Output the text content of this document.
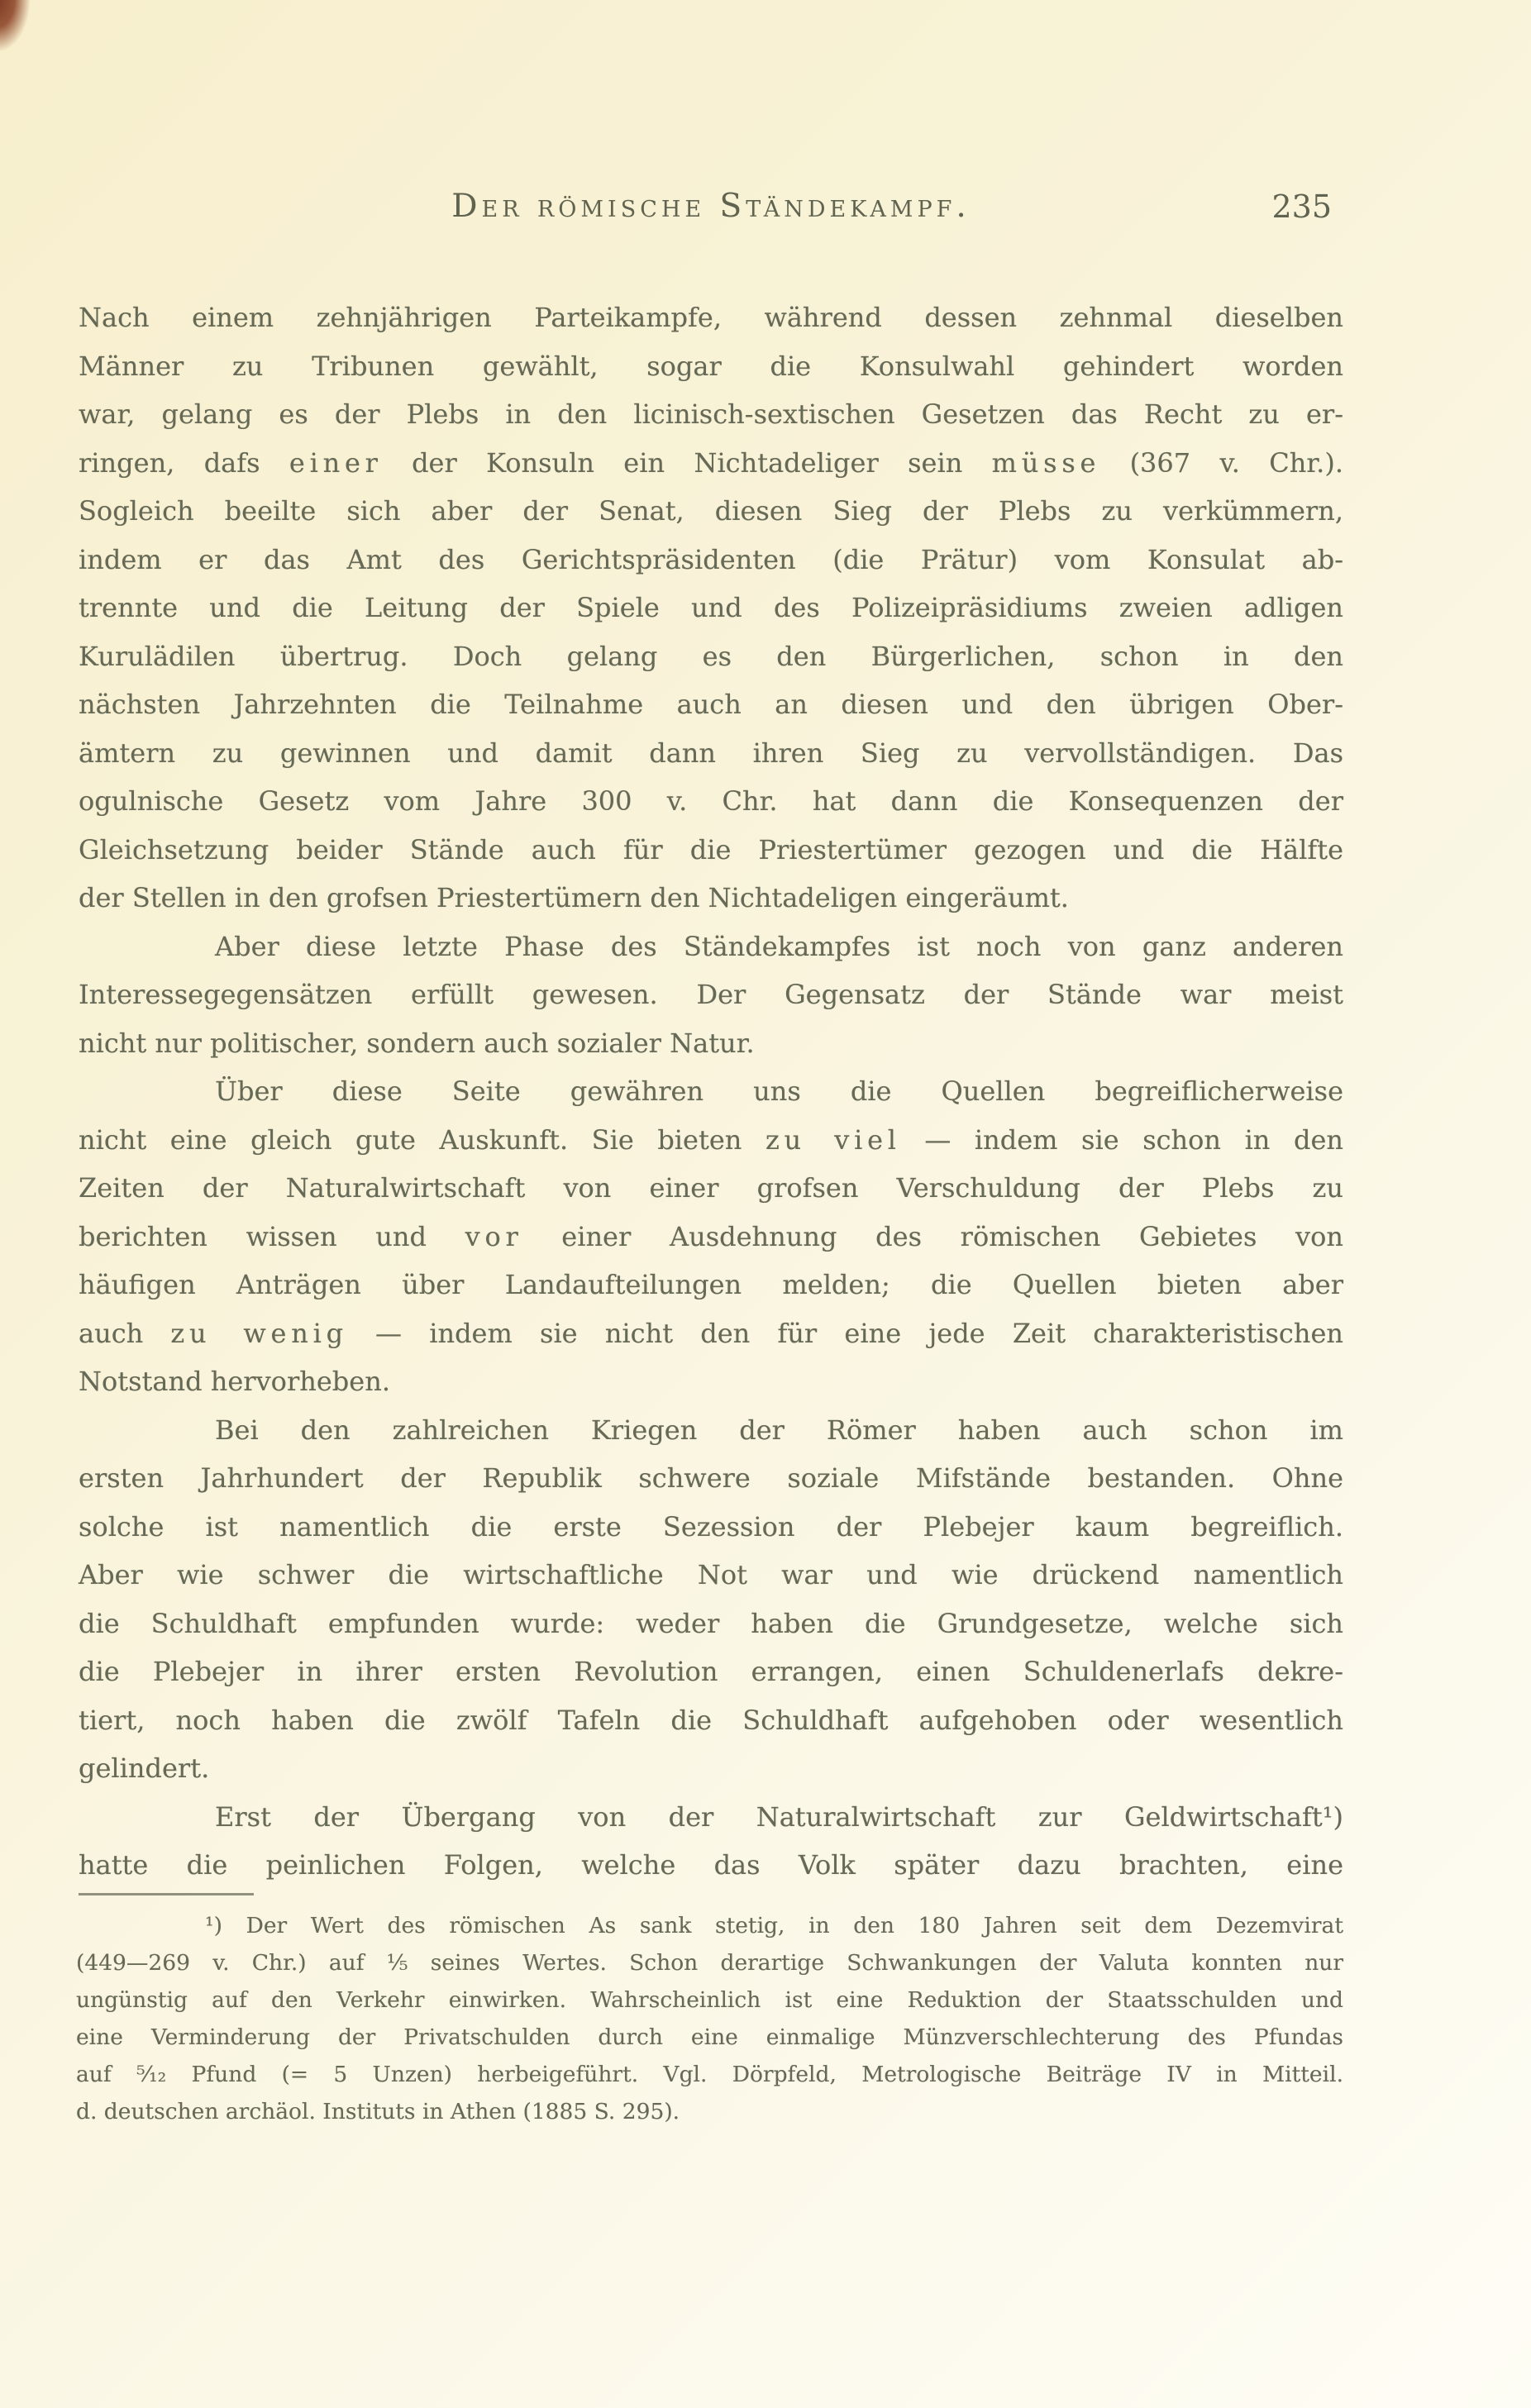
Der römische Ständekampf.	235
Nach einem zehnjährigen Parteikampfe, während dessen zehnmal dieselben
Männer zu Tribunen gewählt, sogar die Konsulwahl gehindert worden
war, gelang es der Plebs in den licinisch-sextischen Gesetzen das Recht zu er-
ringen, dafs einer der Konsuln ein Nichtadeliger sein müsse (367 v. Chr.).
Sogleich beeilte sich aber der Senat, diesen Sieg der Plebs zu verkümmern,
indem er das Amt des Gerichtspräsidenten (die Prätur) vom Konsulat ab-
trennte und die Leitung der Spiele und des Polizeipräsidiums zweien adligen
Kurulädilen übertrug. Doch gelang es den Bürgerlichen, schon in den
nächsten Jahrzehnten die Teilnahme auch an diesen und den übrigen Ober-
ämtern zu gewinnen und damit dann ihren Sieg zu vervollständigen. Das
ogulnische Gesetz vom Jahre 300 v. Chr. hat dann die Konsequenzen der
Gleichsetzung beider Stände auch für die Priestertümer gezogen und die Hälfte
der Stellen in den grofsen Priestertümern den Nichtadeligen eingeräumt.
Aber diese letzte Phase des Ständekampfes ist noch von ganz anderen
Interessegegensätzen erfüllt gewesen. Der Gegensatz der Stände war meist
nicht nur politischer, sondern auch sozialer Natur.
Über diese Seite gewähren uns die Quellen begreiflicherweise
nicht eine gleich gute Auskunft. Sie bieten zu viel — indem sie schon in den
Zeiten der Naturalwirtschaft von einer grofsen Verschuldung der Plebs zu
berichten wissen und vor einer Ausdehnung des römischen Gebietes von
häufigen Anträgen über Landaufteilungen melden; die Quellen bieten aber
auch zu wenig — indem sie nicht den für eine jede Zeit charakteristischen
Notstand hervorheben.
Bei den zahlreichen Kriegen der Römer haben auch schon im
ersten Jahrhundert der Republik schwere soziale Mifstände bestanden. Ohne
solche ist namentlich die erste Sezession der Plebejer kaum begreiflich.
Aber wie schwer die wirtschaftliche Not war und wie drückend namentlich
die Schuldhaft empfunden wurde: weder haben die Grundgesetze, welche sich
die Plebejer in ihrer ersten Revolution errangen, einen Schuldenerlafs dekre-
tiert, noch haben die zwölf Tafeln die Schuldhaft aufgehoben oder wesentlich
gelindert.
Erst der Übergang von der Naturalwirtschaft zur Geldwirtschaft¹)
hatte die peinlichen Folgen, welche das Volk später dazu brachten, eine
¹) Der Wert des römischen As sank stetig, in den 180 Jahren seit dem Dezemvirat
(449—269 v. Chr.) auf ¹⁄₅ seines Wertes. Schon derartige Schwankungen der Valuta konnten nur
ungünstig auf den Verkehr einwirken. Wahrscheinlich ist eine Reduktion der Staatsschulden und
eine Verminderung der Privatschulden durch eine einmalige Münzverschlechterung des Pfundas
auf ⁵⁄₁₂ Pfund (= 5 Unzen) herbeigeführt. Vgl. Dörpfeld, Metrologische Beiträge IV in Mitteil.
d. deutschen archäol. Instituts in Athen (1885 S. 295).
